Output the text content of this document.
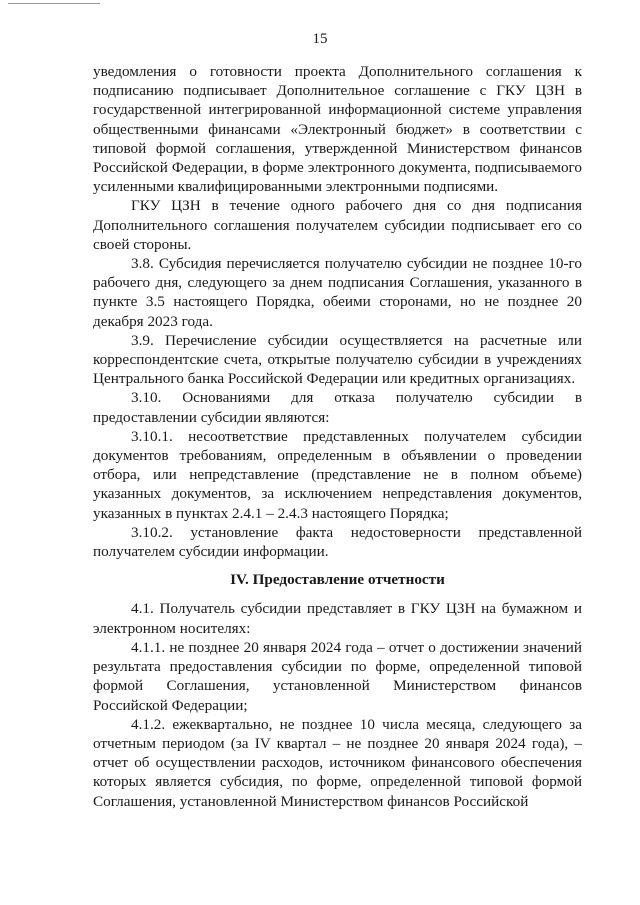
15

уведомления о готовности проекта Дополнительного соглашения к подписанию подписывает Дополнительное соглашение с ГКУ ЦЗН в государственной интегрированной информационной системе управления общественными финансами «Электронный бюджет» в соответствии с типовой формой соглашения, утвержденной Министерством финансов Российской Федерации, в форме электронного документа, подписываемого усиленными квалифицированными электронными подписями.

ГКУ ЦЗН в течение одного рабочего дня со дня подписания Дополнительного соглашения получателем субсидии подписывает его со своей стороны.

3.8. Субсидия перечисляется получателю субсидии не позднее 10-го рабочего дня, следующего за днем подписания Соглашения, указанного в пункте 3.5 настоящего Порядка, обеими сторонами, но не позднее 20 декабря 2023 года.

3.9. Перечисление субсидии осуществляется на расчетные или корреспондентские счета, открытые получателю субсидии в учреждениях Центрального банка Российской Федерации или кредитных организациях.

3.10. Основаниями для отказа получателю субсидии в предоставлении субсидии являются:

3.10.1. несоответствие представленных получателем субсидии документов требованиям, определенным в объявлении о проведении отбора, или непредставление (представление не в полном объеме) указанных документов, за исключением непредставления документов, указанных в пунктах 2.4.1 – 2.4.3 настоящего Порядка;

3.10.2. установление факта недостоверности представленной получателем субсидии информации.

IV. Предоставление отчетности

4.1. Получатель субсидии представляет в ГКУ ЦЗН на бумажном и электронном носителях:

4.1.1. не позднее 20 января 2024 года – отчет о достижении значений результата предоставления субсидии по форме, определенной типовой формой Соглашения, установленной Министерством финансов Российской Федерации;

4.1.2. ежеквартально, не позднее 10 числа месяца, следующего за отчетным периодом (за IV квартал – не позднее 20 января 2024 года), – отчет об осуществлении расходов, источником финансового обеспечения которых является субсидия, по форме, определенной типовой формой Соглашения, установленной Министерством финансов Российской
